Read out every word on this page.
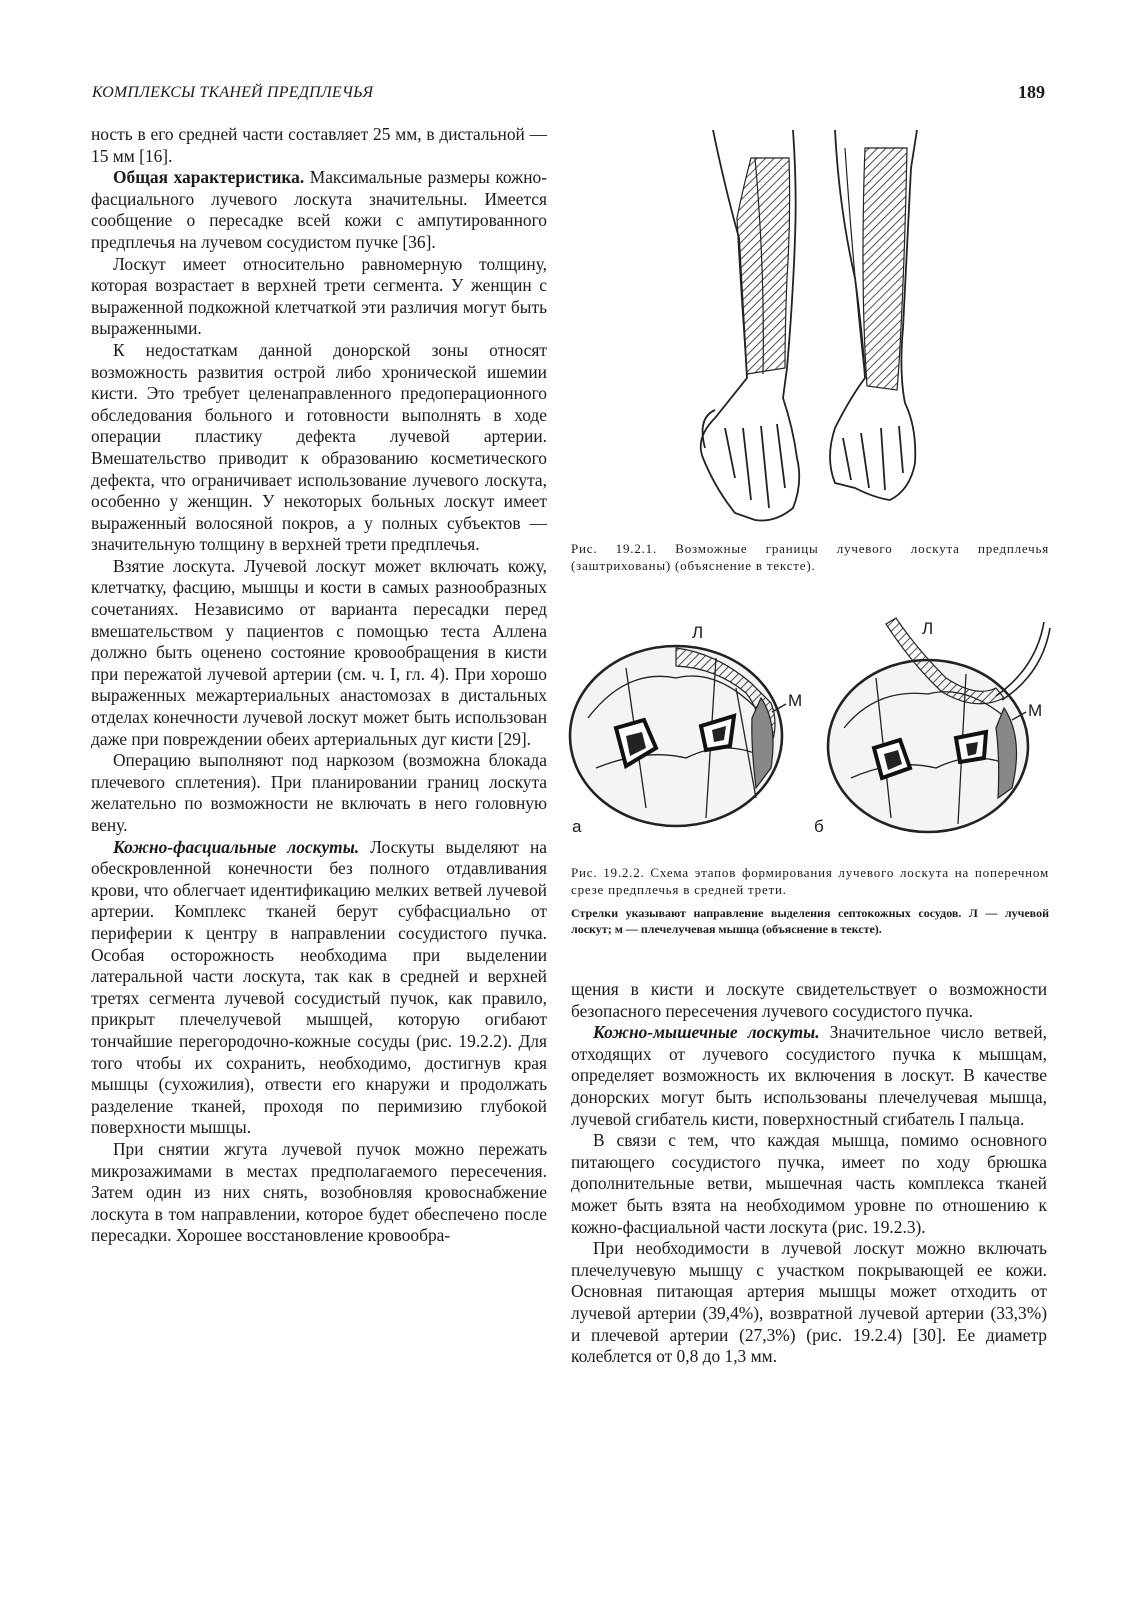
КОМПЛЕКСЫ ТКАНЕЙ ПРЕДПЛЕЧЬЯ	189

ность в его средней части составляет 25 мм, в дистальной — 15 мм [16].

Общая характеристика. Максимальные размеры кожно-фасциального лучевого лоскута значительны. Имеется сообщение о пересадке всей кожи с ампутированного предплечья на лучевом сосудистом пучке [36].

Лоскут имеет относительно равномерную толщину, которая возрастает в верхней трети сегмента. У женщин с выраженной подкожной клетчаткой эти различия могут быть выраженными.

К недостаткам данной донорской зоны относят возможность развития острой либо хронической ишемии кисти. Это требует целенаправленного предоперационного обследования больного и готовности выполнять в ходе операции пластику дефекта лучевой артерии. Вмешательство приводит к образованию косметического дефекта, что ограничивает использование лучевого лоскута, особенно у женщин. У некоторых больных лоскут имеет выраженный волосяной покров, а у полных субъектов — значительную толщину в верхней трети предплечья.

Взятие лоскута. Лучевой лоскут может включать кожу, клетчатку, фасцию, мышцы и кости в самых разнообразных сочетаниях. Независимо от варианта пересадки перед вмешательством у пациентов с помощью теста Аллена должно быть оценено состояние кровообращения в кисти при пережатой лучевой артерии (см. ч. I, гл. 4). При хорошо выраженных межартериальных анастомозах в дистальных отделах конечности лучевой лоскут может быть использован даже при повреждении обеих артериальных дуг кисти [29].

Операцию выполняют под наркозом (возможна блокада плечевого сплетения). При планировании границ лоскута желательно по возможности не включать в него головную вену.

Кожно-фасциальные лоскуты. Лоскуты выделяют на обескровленной конечности без полного отдавливания крови, что облегчает идентификацию мелких ветвей лучевой артерии. Комплекс тканей берут субфасциально от периферии к центру в направлении сосудистого пучка. Особая осторожность необходима при выделении латеральной части лоскута, так как в средней и верхней третях сегмента лучевой сосудистый пучок, как правило, прикрыт плечелучевой мышцей, которую огибают тончайшие перегородочно-кожные сосуды (рис. 19.2.2). Для того чтобы их сохранить, необходимо, достигнув края мышцы (сухожилия), отвести его кнаружи и продолжать разделение тканей, проходя по перимизию глубокой поверхности мышцы.

При снятии жгута лучевой пучок можно пережать микрозажимами в местах предполагаемого пересечения. Затем один из них снять, возобновляя кровоснабжение лоскута в том направлении, которое будет обеспечено после пересадки. Хорошее восстановление кровообра-

Рис. 19.2.1. Возможные границы лучевого лоскута предплечья (заштрихованы) (объяснение в тексте).
Л
М
а
Л
М
б
Рис. 19.2.2. Схема этапов формирования лучевого лоскута на поперечном срезе предплечья в средней трети.
Стрелки указывают направление выделения септокожных сосудов. Л — лучевой лоскут; м — плечелучевая мышца (объяснение в тексте).

щения в кисти и лоскуте свидетельствует о возможности безопасного пересечения лучевого сосудистого пучка.

Кожно-мышечные лоскуты. Значительное число ветвей, отходящих от лучевого сосудистого пучка к мышцам, определяет возможность их включения в лоскут. В качестве донорских могут быть использованы плечелучевая мышца, лучевой сгибатель кисти, поверхностный сгибатель I пальца.

В связи с тем, что каждая мышца, помимо основного питающего сосудистого пучка, имеет по ходу брюшка дополнительные ветви, мышечная часть комплекса тканей может быть взята на необходимом уровне по отношению к кожно-фасциальной части лоскута (рис. 19.2.3).

При необходимости в лучевой лоскут можно включать плечелучевую мышцу с участком покрывающей ее кожи. Основная питающая артерия мышцы может отходить от лучевой артерии (39,4%), возвратной лучевой артерии (33,3%) и плечевой артерии (27,3%) (рис. 19.2.4) [30]. Ее диаметр колеблется от 0,8 до 1,3 мм.
